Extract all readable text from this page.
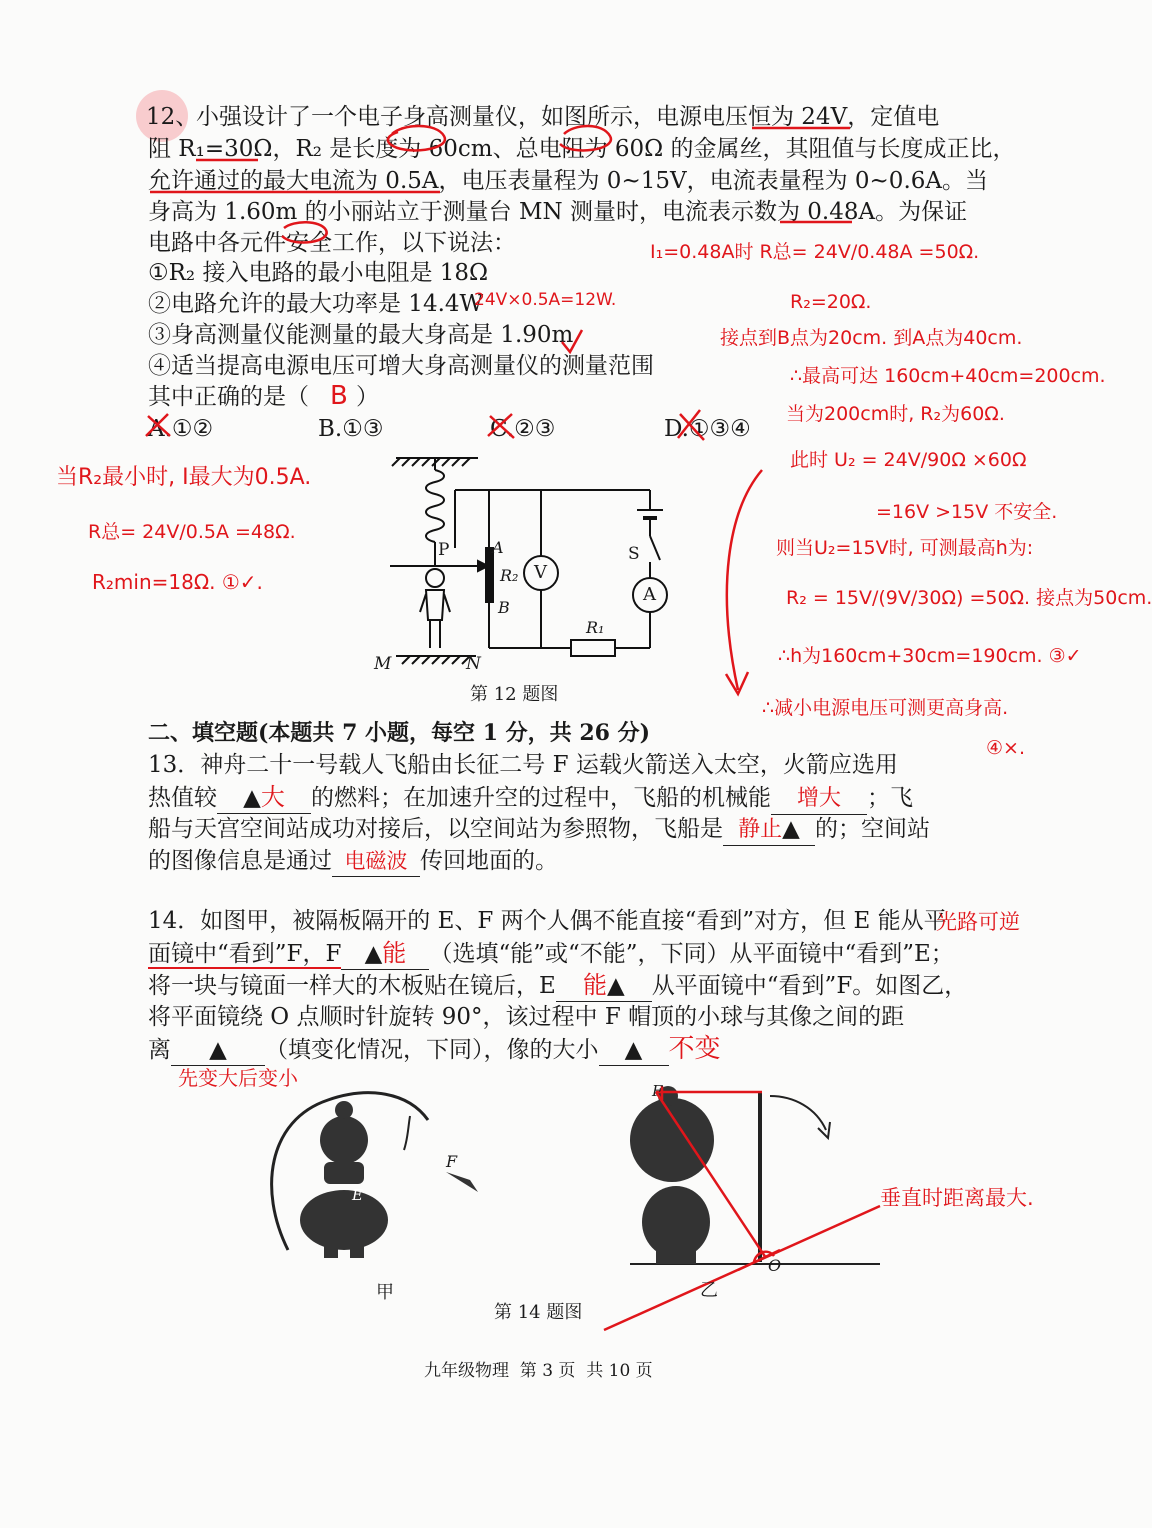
12、
小强设计了一个电子身高测量仪，如图所示，电源电压恒为 24V，定值电
阻 R₁=30Ω，R₂ 是长度为 60cm、总电阻为 60Ω 的金属丝，其阻值与长度成正比，
允许通过的最大电流为 0.5A，电压表量程为 0~15V，电流表量程为 0~0.6A。当
身高为 1.60m 的小丽站立于测量台 MN 测量时，电流表示数为 0.48A。为保证
电路中各元件安全工作，以下说法：
①R₂ 接入电路的最小电阻是 18Ω
②电路允许的最大功率是 14.4W
③身高测量仪能测量的最大身高是 1.90m
④适当提高电源电压可增大身高测量仪的测量范围
其中正确的是（ ）
A.①②	B.①③	C.②③	D.①③④
P	A
R₂
B
V
S
A
R₁
M	N
第 12 题图
B
24V×0.5A=12W.
I₁=0.48A时 R总= 24V/0.48A =50Ω.
R₂=20Ω.
接点到B点为20cm. 到A点为40cm.
∴最高可达 160cm+40cm=200cm.
当为200cm时, R₂为60Ω.
此时 U₂ = 24V/90Ω ×60Ω
=16V >15V 不安全.
则当U₂=15V时, 可测最高h为:
R₂ = 15V/(9V/30Ω) =50Ω. 接点为50cm.
∴h为160cm+30cm=190cm. ③✓
∴减小电源电压可测更高身高.
④×.
当R₂最小时, I最大为0.5A.
R总= 24V/0.5A =48Ω.
R₂min=18Ω. ①✓.
二、填空题(本题共 7 小题，每空 1 分，共 26 分)
13．神舟二十一号载人飞船由长征二号 F 运载火箭送入太空，火箭应选用
热值较 ▲大 的燃料；在加速升空的过程中，飞船的机械能 增大 ；飞
船与天宫空间站成功对接后，以空间站为参照物，飞船是 静止▲ 的；空间站
的图像信息是通过 电磁波 传回地面的。
14．如图甲，被隔板隔开的 E、F 两个人偶不能直接“看到”对方，但 E 能从平
光路可逆
面镜中“看到”F，F ▲能 （选填“能”或“不能”，下同）从平面镜中“看到”E；
将一块与镜面一样大的木板贴在镜后，E 能▲ 从平面镜中“看到”F。如图乙，
将平面镜绕 O 点顺时针旋转 90°，该过程中 F 帽顶的小球与其像之间的距
离 ▲ （填变化情况，下同），像的大小 ▲ 不变
先变大后变小
F
E
F
O
甲	乙
第 14 题图
垂直时距离最大.
九年级物理  第 3 页  共 10 页
